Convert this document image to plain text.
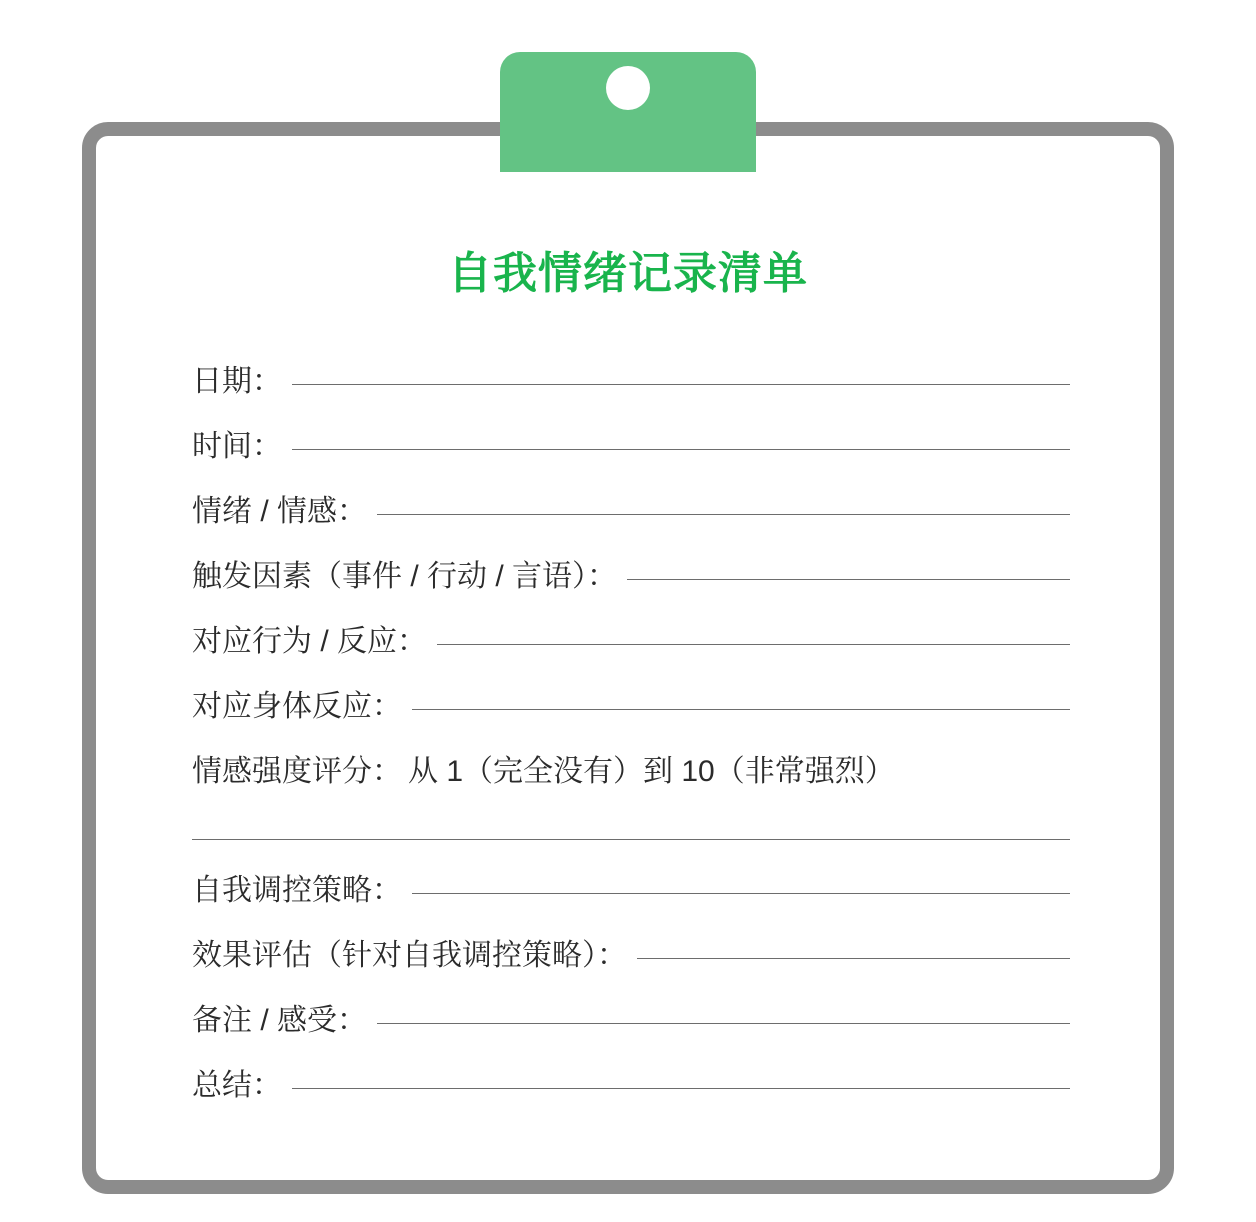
自我情绪记录清单
日期：
时间：
情绪 / 情感：
触发因素（事件 / 行动 / 言语）：
对应行为 / 反应：
对应身体反应：
情感强度评分： 从 1（完全没有）到 10（非常强烈）
自我调控策略：
效果评估（针对自我调控策略）：
备注 / 感受：
总结：
